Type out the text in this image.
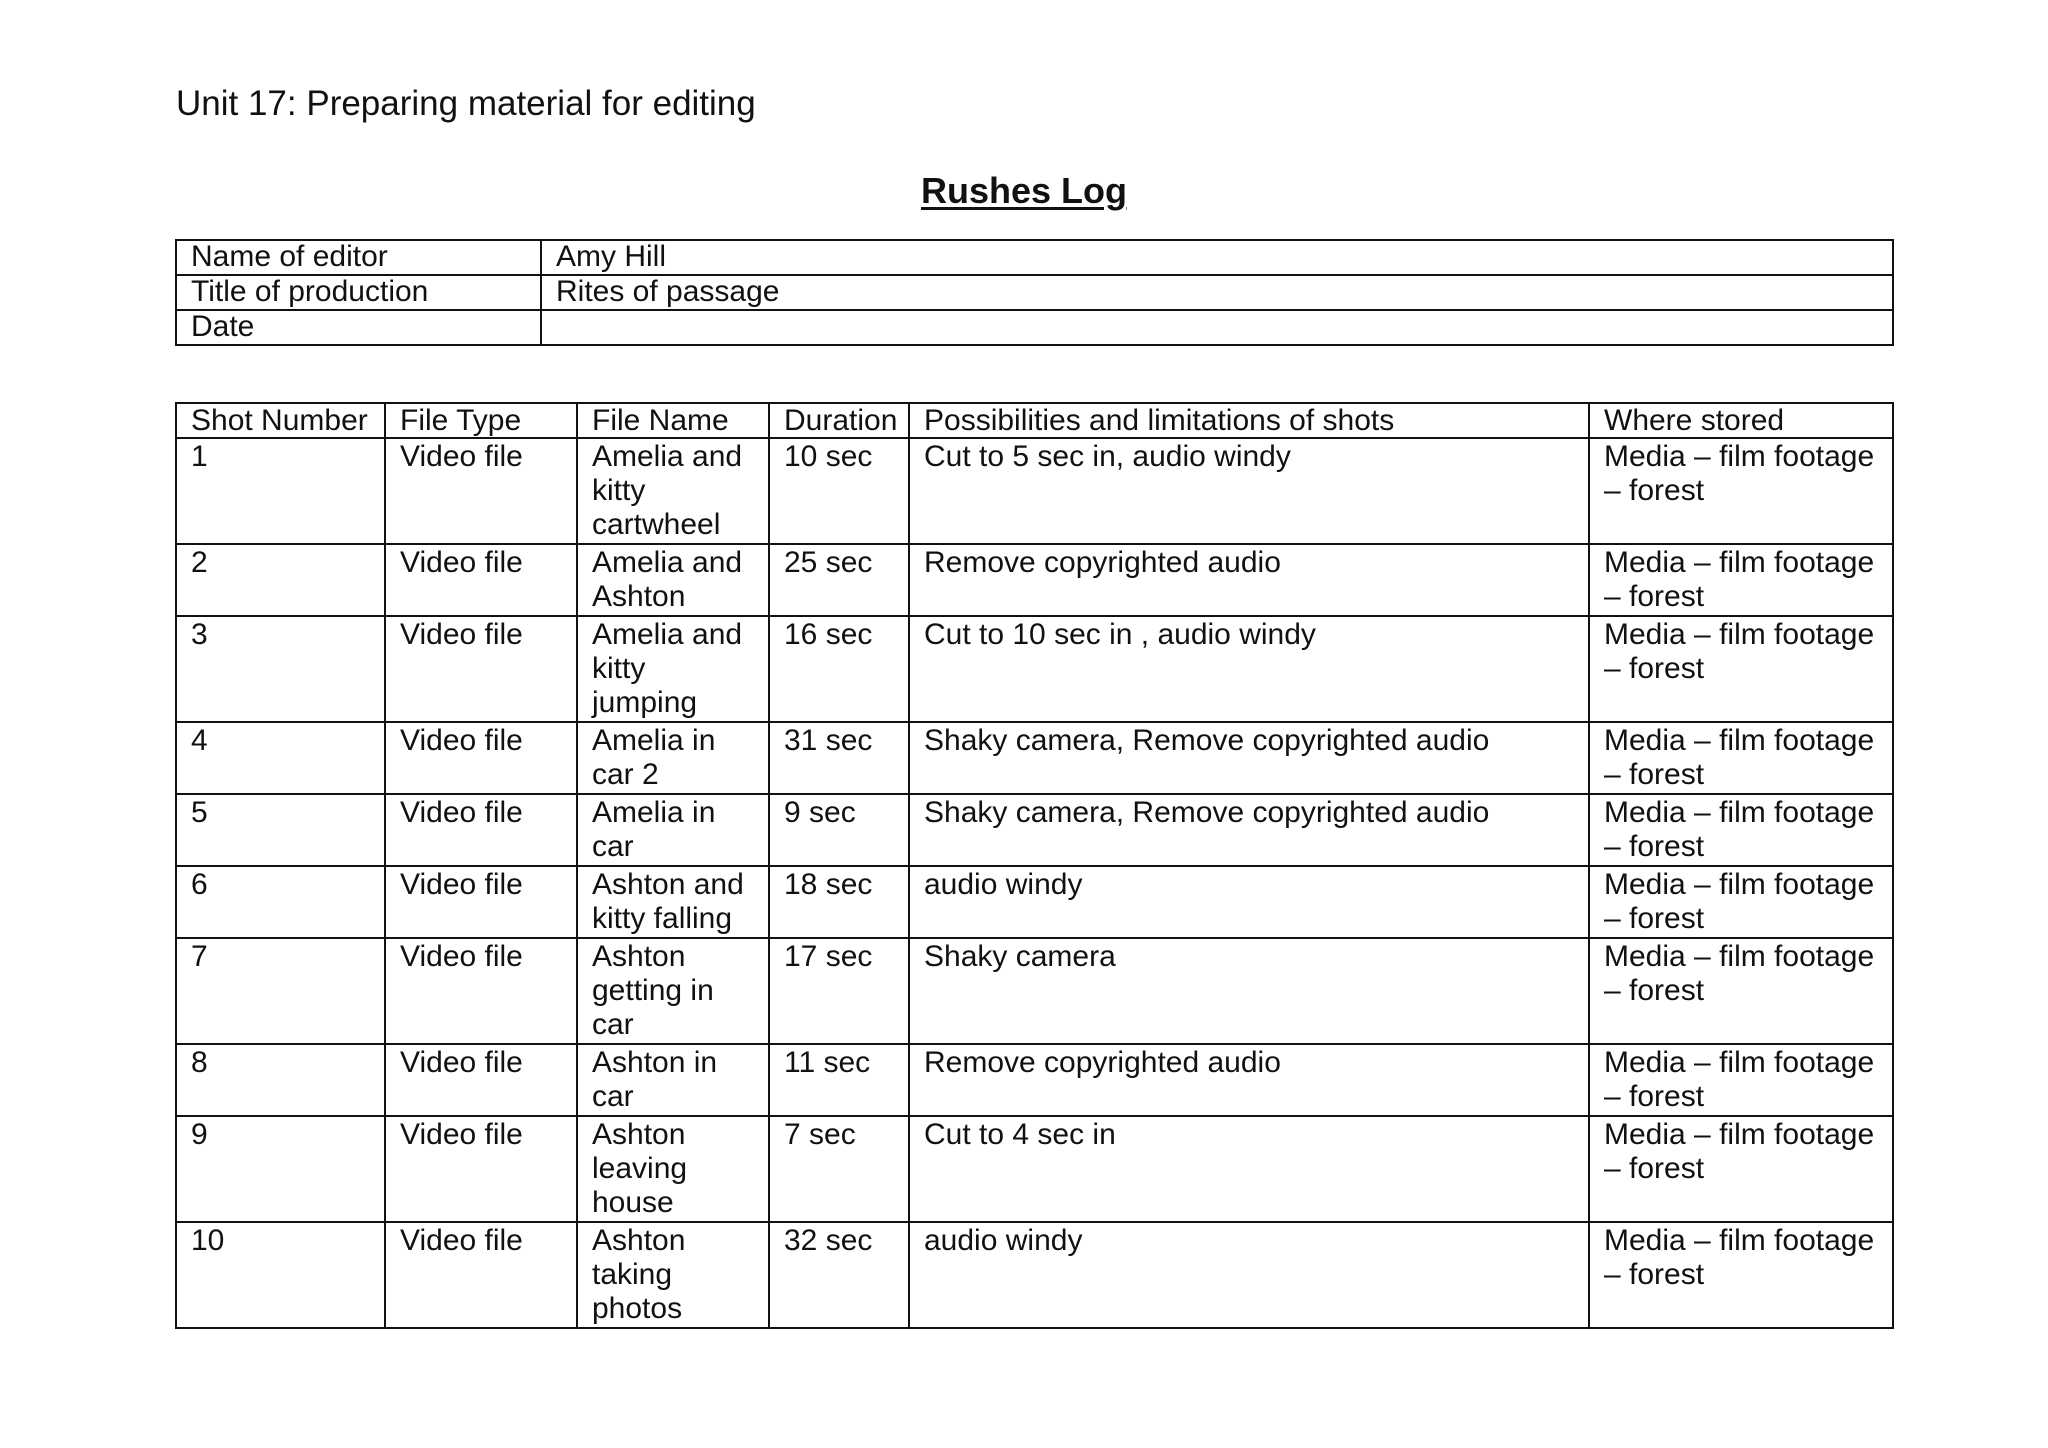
Unit 17: Preparing material for editing
Rushes Log
Name of editor	Amy Hill
Title of production	Rites of passage
Date	
Shot Number	File Type	File Name	Duration	Possibilities and limitations of shots	Where stored
1	Video file	Amelia and kitty cartwheel	10 sec	Cut to 5 sec in, audio windy	Media – film footage – forest
2	Video file	Amelia and Ashton	25 sec	Remove copyrighted audio	Media – film footage – forest
3	Video file	Amelia and kitty jumping	16 sec	Cut to 10 sec in , audio windy	Media – film footage – forest
4	Video file	Amelia in car 2	31 sec	Shaky camera, Remove copyrighted audio	Media – film footage – forest
5	Video file	Amelia in car	9 sec	Shaky camera, Remove copyrighted audio	Media – film footage – forest
6	Video file	Ashton and kitty falling	18 sec	audio windy	Media – film footage – forest
7	Video file	Ashton getting in car	17 sec	Shaky camera	Media – film footage – forest
8	Video file	Ashton in car	11 sec	Remove copyrighted audio	Media – film footage – forest
9	Video file	Ashton leaving house	7 sec	Cut to 4 sec in	Media – film footage – forest
10	Video file	Ashton taking photos	32 sec	audio windy	Media – film footage – forest
